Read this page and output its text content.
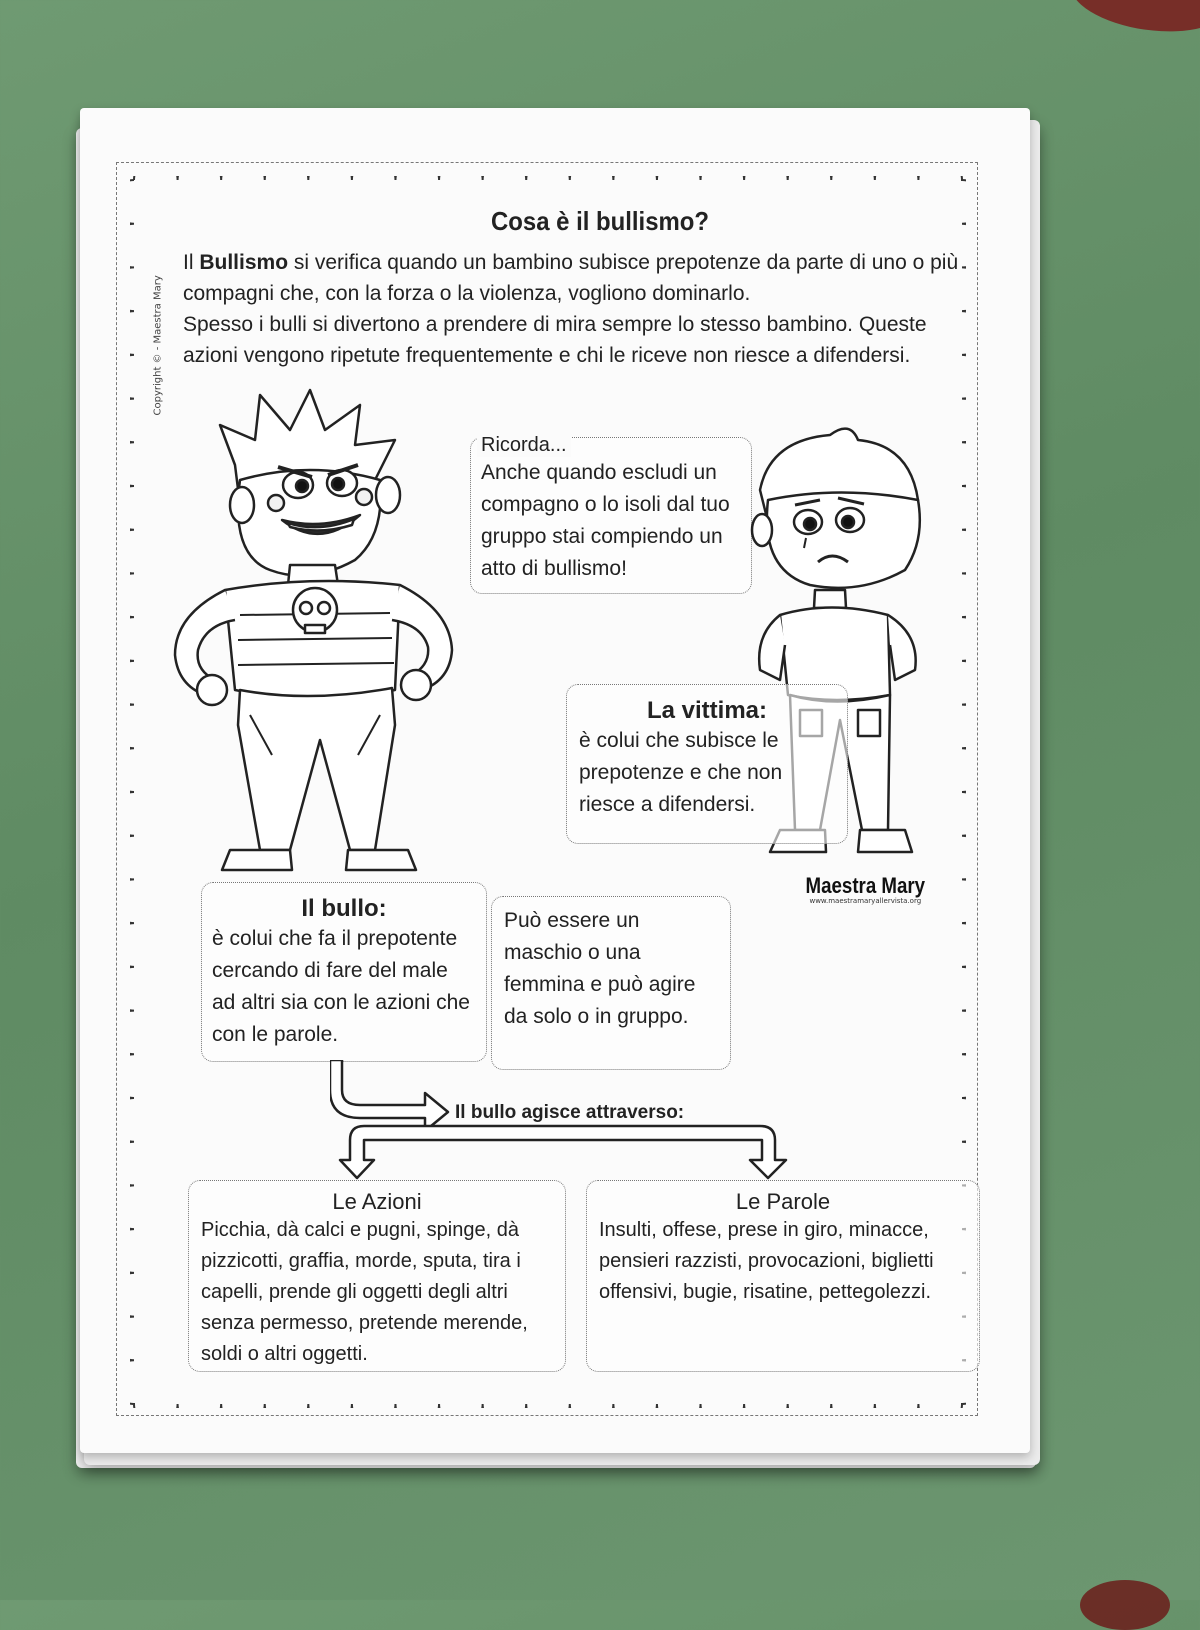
Copyright © - Maestra Mary
Cosa è il bullismo?

Il Bullismo si verifica quando un bambino subisce prepotenze da parte di uno o più compagni che, con la forza o la violenza, vogliono dominarlo.

Spesso i bulli si divertono a prendere di mira sempre lo stesso bambino. Queste azioni vengono ripetute frequentemente e chi le riceve non riesce a difendersi.

Ricorda...
Anche quando escludi un compagno o lo isoli dal tuo gruppo stai compiendo un atto di bullismo!
La vittima:
è colui che subisce le prepotenze e che non riesce a difendersi.
Maestra Mary
www.maestramaryallervista.org
Il bullo:
è colui che fa il prepotente cercando di fare del male ad altri sia con le azioni che con le parole.
Può essere un maschio o una femmina e può agire da solo o in gruppo.
Il bullo agisce attraverso:
Le Azioni
Picchia, dà calci e pugni, spinge, dà pizzicotti, graffia, morde, sputa, tira i capelli, prende gli oggetti degli altri senza permesso, pretende merende, soldi o altri oggetti.
Le Parole
Insulti, offese, prese in giro, minacce, pensieri razzisti, provocazioni, biglietti offensivi, bugie, risatine, pettegolezzi.
